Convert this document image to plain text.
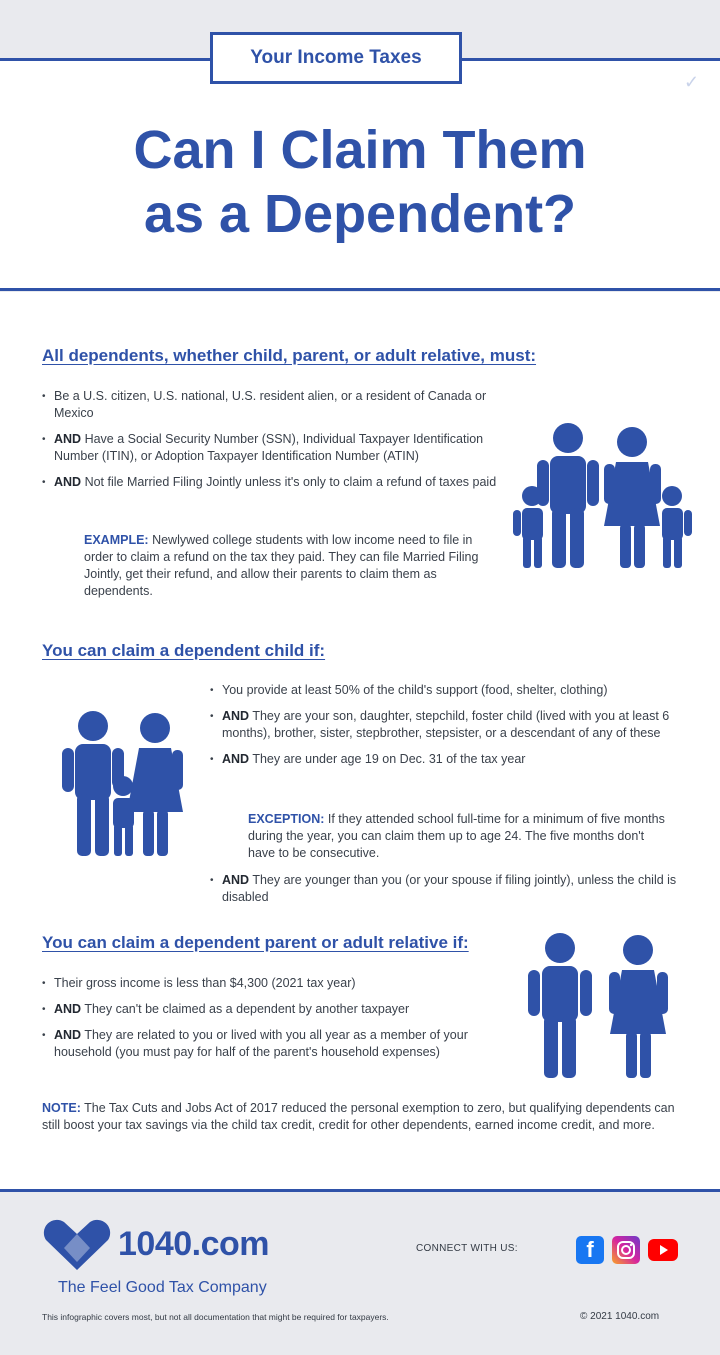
Your Income Taxes
✓
Can I Claim Them
as a Dependent?
All dependents, whether child, parent, or adult relative, must:
• Be a U.S. citizen, U.S. national, U.S. resident alien, or a resident of Canada or Mexico
• AND Have a Social Security Number (SSN), Individual Taxpayer Identification Number (ITIN), or Adoption Taxpayer Identification Number (ATIN)
• AND Not file Married Filing Jointly unless it's only to claim a refund of taxes paid
EXAMPLE: Newlywed college students with low income need to file in order to claim a refund on the tax they paid. They can file Married Filing Jointly, get their refund, and allow their parents to claim them as dependents.
You can claim a dependent child if:
• You provide at least 50% of the child's support (food, shelter, clothing)
• AND They are your son, daughter, stepchild, foster child (lived with you at least 6 months), brother, sister, stepbrother, stepsister, or a descendant of any of these
• AND They are under age 19 on Dec. 31 of the tax year
EXCEPTION: If they attended school full-time for a minimum of five months during the year, you can claim them up to age 24. The five months don't have to be consecutive.
• AND They are younger than you (or your spouse if filing jointly), unless the child is disabled
You can claim a dependent parent or adult relative if:
• Their gross income is less than $4,300 (2021 tax year)
• AND They can't be claimed as a dependent by another taxpayer
• AND They are related to you or lived with you all year as a member of your household (you must pay for half of the parent's household expenses)
NOTE: The Tax Cuts and Jobs Act of 2017 reduced the personal exemption to zero, but qualifying dependents can still boost your tax savings via the child tax credit, credit for other dependents, earned income credit, and more.
1040.com
The Feel Good Tax Company
CONNECT WITH US:	f
This infographic covers most, but not all documentation that might be required for taxpayers.	© 2021 1040.com
